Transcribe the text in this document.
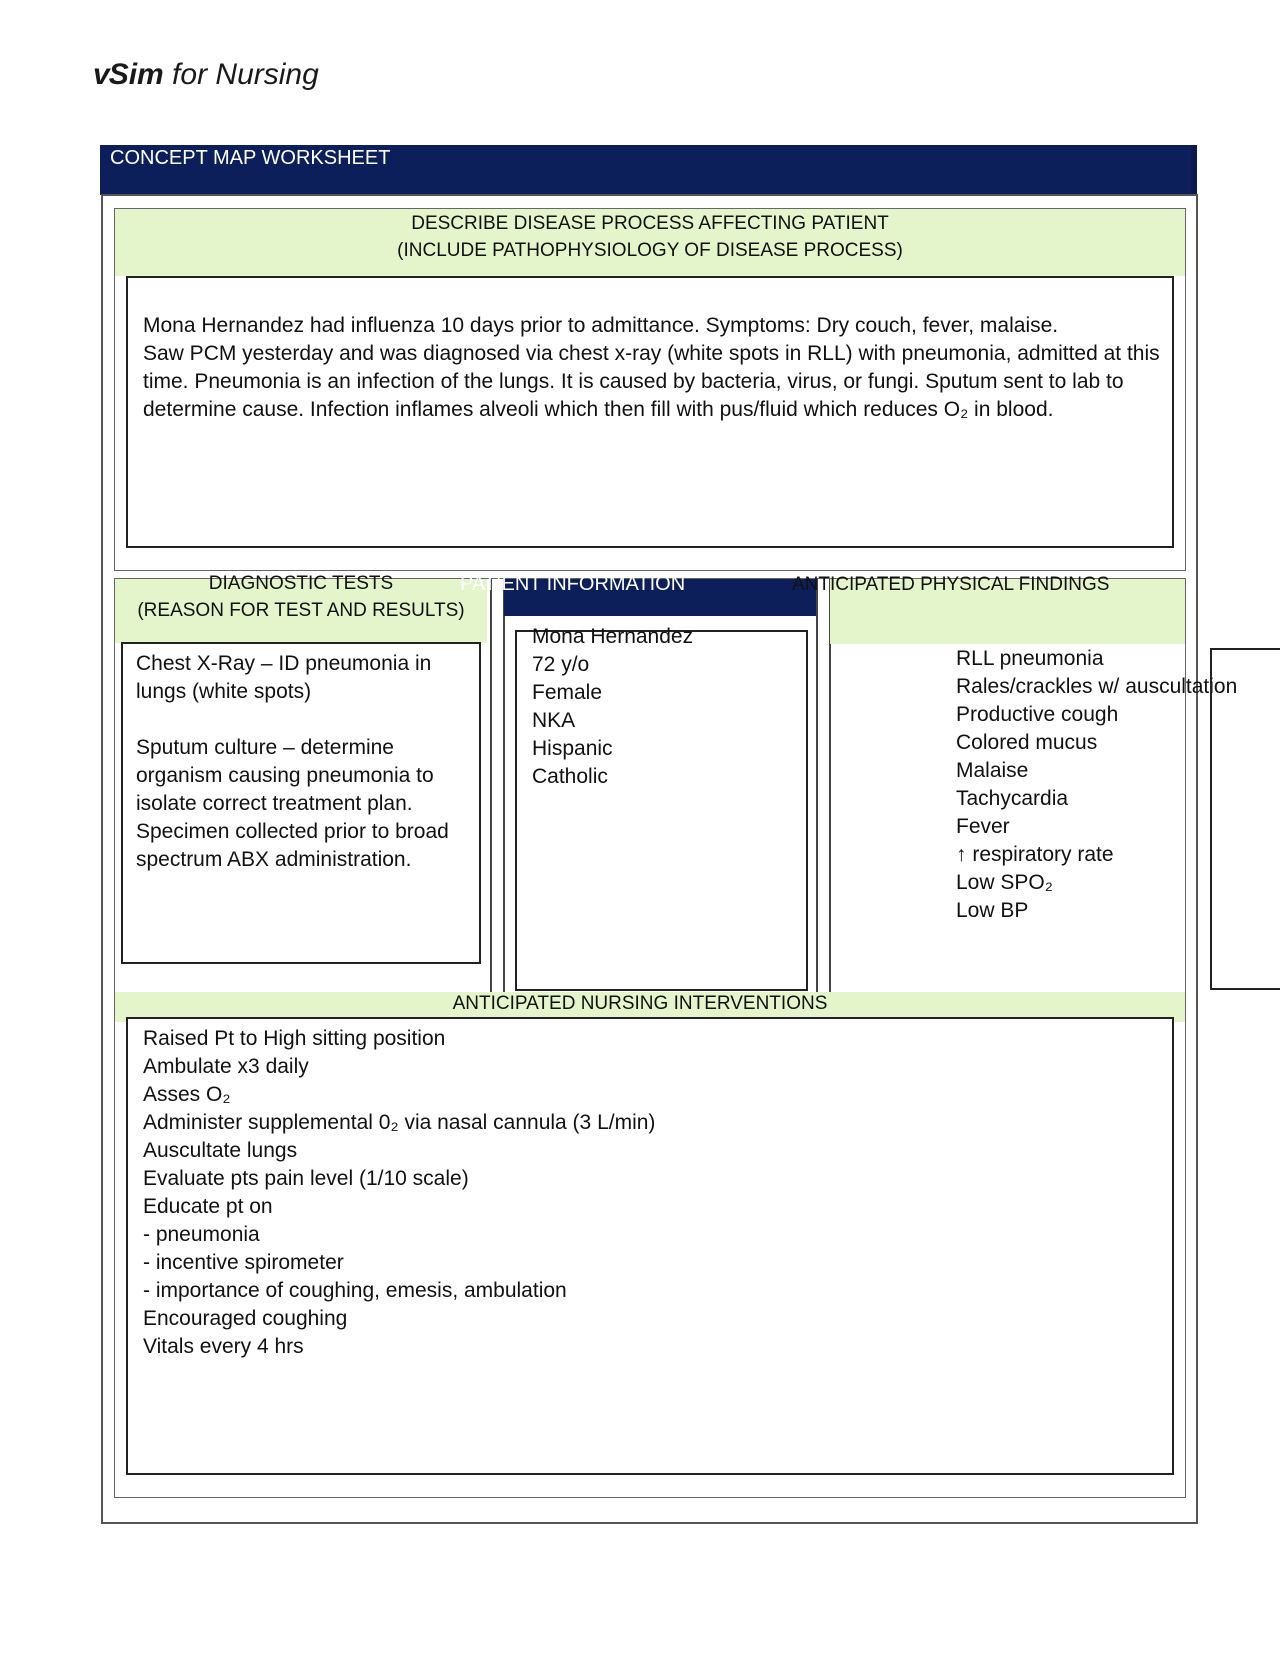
vSim for Nursing
CONCEPT MAP WORKSHEET
DESCRIBE DISEASE PROCESS AFFECTING PATIENT
(INCLUDE PATHOPHYSIOLOGY OF DISEASE PROCESS)
Mona Hernandez had influenza 10 days prior to admittance. Symptoms: Dry couch, fever, malaise.
Saw PCM yesterday and was diagnosed via chest x-ray (white spots in RLL) with pneumonia, admitted at this
time. Pneumonia is an infection of the lungs. It is caused by bacteria, virus, or fungi. Sputum sent to lab to
determine cause. Infection inflames alveoli which then fill with pus/fluid which reduces O₂ in blood.
DIAGNOSTIC TESTS
(REASON FOR TEST AND RESULTS)
Chest X-Ray – ID pneumonia in
lungs (white spots)
Sputum culture – determine
organism causing pneumonia to
isolate correct treatment plan.
Specimen collected prior to broad
spectrum ABX administration.
PATIENT INFORMATION
Mona Hernandez
72 y/o
Female
NKA
Hispanic
Catholic
ANTICIPATED PHYSICAL FINDINGS
RLL pneumonia
Rales/crackles w/ auscultation
Productive cough
Colored mucus
Malaise
Tachycardia
Fever
↑ respiratory rate
Low SPO₂
Low BP
ANTICIPATED NURSING INTERVENTIONS
Raised Pt to High sitting position
Ambulate x3 daily
Asses O₂
Administer supplemental 0₂ via nasal cannula (3 L/min)
Auscultate lungs
Evaluate pts pain level (1/10 scale)
Educate pt on
- pneumonia
- incentive spirometer
- importance of coughing, emesis, ambulation
Encouraged coughing
Vitals every 4 hrs
